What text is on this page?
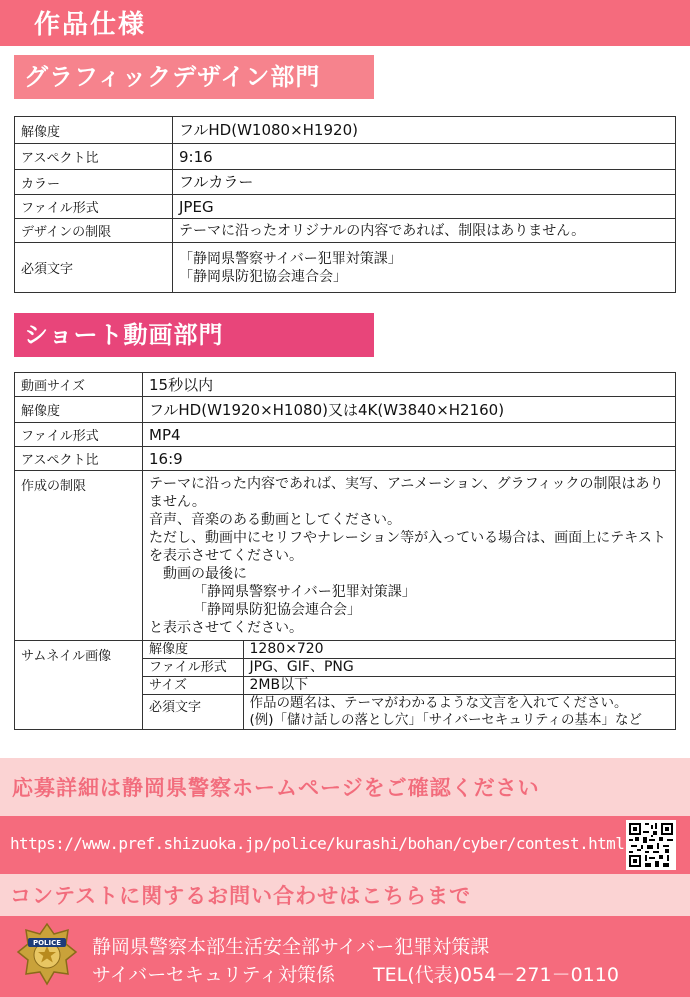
作品仕様
グラフィックデザイン部門
解像度	フルHD(W1080×H1920)
アスペクト比	9:16
カラー	フルカラー
ファイル形式	JPEG
デザインの制限	テーマに沿ったオリジナルの内容であれば、制限はありません。
必須文字	「静岡県警察サイバー犯罪対策課」
「静岡県防犯協会連合会」
ショート動画部門
動画サイズ	15秒以内
解像度	フルHD(W1920×H1080)又は4K(W3840×H2160)
ファイル形式	MP4
アスペクト比	16:9
作成の制限	テーマに沿った内容であれば、実写、アニメーション、グラフィックの制限はありません。
音声、音楽のある動画としてください。
ただし、動画中にセリフやナレーション等が入っている場合は、画面上にテキストを表示させてください。
動画の最後に
「静岡県警察サイバー犯罪対策課」
「静岡県防犯協会連合会」
と表示させてください。

サムネイル画像		解像度	1280×720
ファイル形式	JPG、GIF、PNG
サイズ	2MB以下
必須文字	作品の題名は、テーマがわかるような文言を入れてください。
(例)「儲け話しの落とし穴」「サイバーセキュリティの基本」など
応募詳細は静岡県警察ホームページをご確認ください
https://www.pref.shizuoka.jp/police/kurashi/bohan/cyber/contest.html
コンテストに関するお問い合わせはこちらまで
POLICE 静岡県警察本部生活安全部サイバー犯罪対策課
サイバーセキュリティ対策係　　TEL(代表)054－271－0110
